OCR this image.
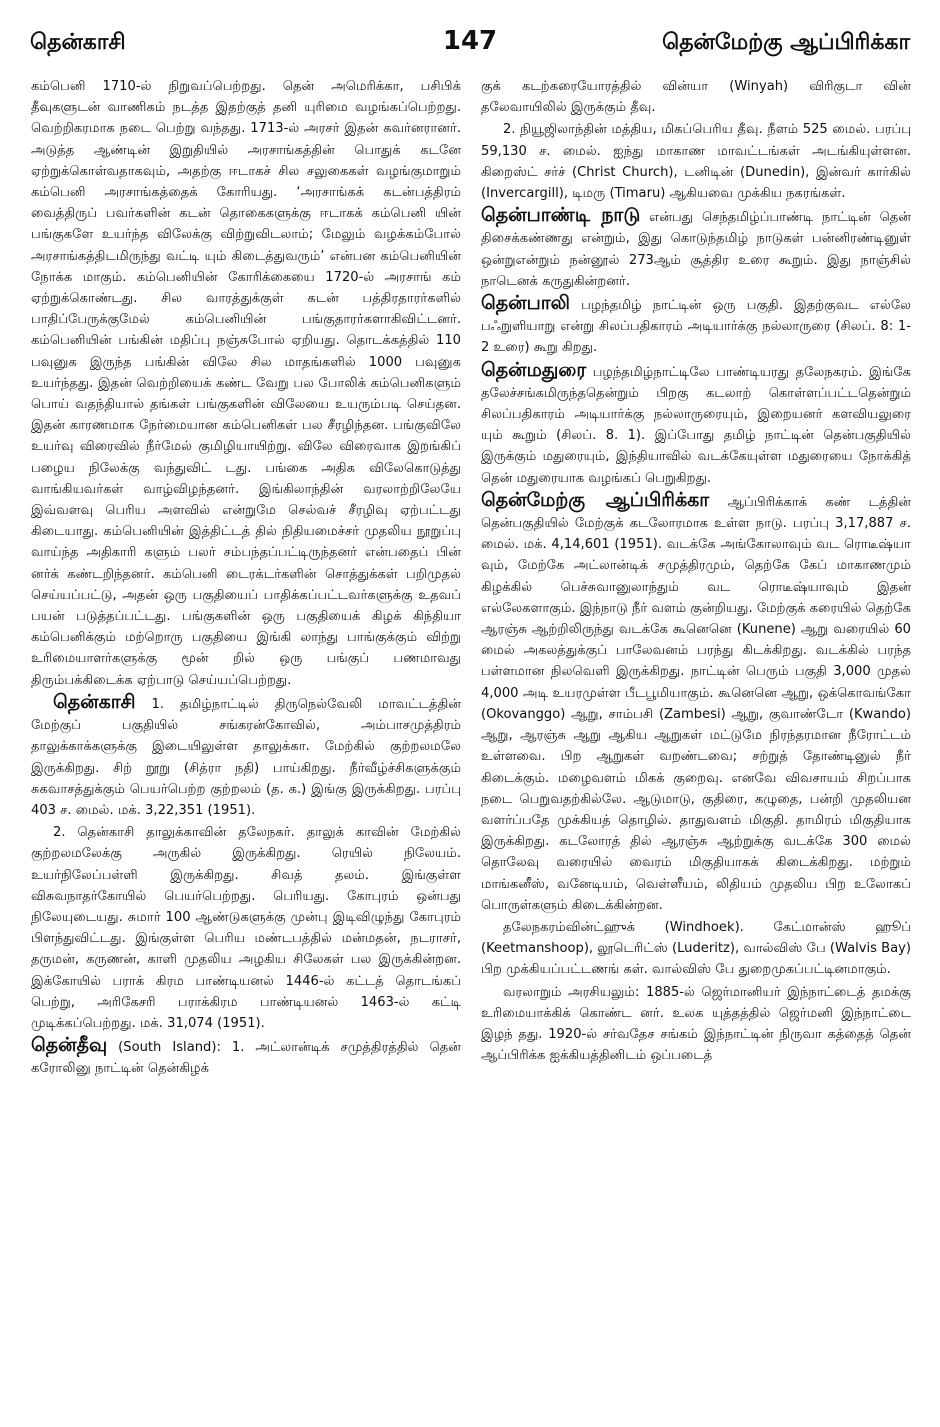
தென்காசி	147	தென்மேற்கு ஆப்பிரிக்கா

கம்பெனி 1710-ல் நிறுவப்பெற்றது. தென் அமெரிக்கா, பசிபிக் தீவுகளுடன் வாணிகம் நடத்த இதற்குத் தனி யுரிமை வழங்கப்பெற்றது. வெற்றிகரமாக நடை பெற்று வந்தது. 1713-ல் அரசர் இதன் கவர்னரானர். அடுத்த ஆண்டின் இறுதியில் அரசாங்கத்தின் பொதுக் கடனே ஏற்றுக்கொள்வதாகவும், அதற்கு ஈடாகச் சில சலுகைகள் வழங்குமாறும் கம்பெனி அரசாங்கத்தைக் கோரியது. ‘அரசாங்கக் கடன்பத்திரம் வைத்திருப் பவர்களின் கடன் தொகைகளுக்கு ஈடாகக் கம்பெனி யின் பங்குகளே உயர்ந்த விலேக்கு விற்றுவிடலாம்; மேலும் வழக்கம்போல் அரசாங்கத்திடமிருந்து வட்டி யும் கிடைத்துவரும்’ என்பன கம்பெனியின் நோக்க மாகும். கம்பெனியின் கோரிக்கையை 1720-ல் அரசாங் கம் ஏற்றுக்கொண்டது. சில வாரத்துக்குள் கடன் பத்திரதாரர்களில் பாதிப்பேருக்குமேல் கம்பெனியின் பங்குதாரர்களாகிவிட்டனர். கம்பெனியின் பங்கின் மதிப்பு நஞ்சுபோல் ஏறியது. தொடக்கத்தில் 110 பவுனுக இருந்த பங்கின் விலே சில மாதங்களில் 1000 பவுனுக உயர்ந்தது. இதன் வெற்றியைக் கண்ட வேறு பல போலிக் கம்பெனிகளும் பொய் வதந்தியால் தங்கள் பங்குகளின் விலேயை உயரும்படி செய்தன. இதன் காரணமாக நேர்மையான கம்பெனிகள் பல சீரழிந்தன. பங்குவிலே உயர்வு விரைவில் நீர்மேல் குமிழியாயிற்று. விலே விரைவாக இறங்கிப் பழைய நிலேக்கு வந்துவிட் டது. பங்கை அதிக விலேகொடுத்து வாங்கியவர்கள் வாழ்விழந்தனர். இங்கிலாந்தின் வரலாற்றிலேயே இவ்வளவு பெரிய அளவில் என்றுமே செல்வச் சீரழிவு ஏற்பட்டது கிடையாது. கம்பெனியின் இத்திட்டத் தில் நிதியமைச்சர் முதலிய நூறுப்பு வாய்ந்த அதிகாரி களும் பலர் சம்பந்தப்பட்டிருந்தனர் என்பதைப் பின் னர்க் கண்டறிந்தனர். கம்பெனி டைரக்டர்களின் சொத்துக்கள் பறிமுதல் செய்யப்பட்டு, அதன் ஒரு பகுதியைப் பாதிக்கப்பட்டவர்களுக்கு உதவப் பயன் படுத்தப்பட்டது. பங்குகளின் ஒரு பகுதியைக் கிழக் கிந்தியா கம்பெனிக்கும் மற்றொரு பகுதியை இங்கி லாந்து பாங்குக்கும் விற்று உரிமையாளர்களுக்கு மூன் றில் ஒரு பங்குப் பணமாவது திரும்பக்கிடைக்க ஏற்பாடு செய்யப்பெற்றது.

தென்காசி 1. தமிழ்நாட்டில் திருநெல்வேலி மாவட்டத்தின் மேற்குப் பகுதியில் சங்கரன்கோவில், அம்பாசமுத்திரம் தாலுக்காக்களுக்கு இடையிலுள்ள தாலுக்கா. மேற்கில் குற்றலமலே இருக்கிறது. சிற் றூறு (சித்ரா நதி) பாய்கிறது. நீர்வீழ்ச்சிகளுக்கும் சுகவாசத்துக்கும் பெயர்பெற்ற குற்றலம் (த. க.) இங்கு இருக்கிறது. பரப்பு 403 ச. மைல். மக். 3,22,351 (1951).

2. தென்காசி தாலுக்காவின் தலேநகர். தாலுக் காவின் மேற்கில் குற்றலமலேக்கு அருகில் இருக்கிறது. ரெயில் நிலேயம். உயர்நிலேப்பள்ளி இருக்கிறது. சிவத் தலம். இங்குள்ள விசுவநாதர்கோயில் பெயர்பெற்றது. பெரியது. கோபுரம் ஒன்பது நிலேயுடையது. சுமார் 100 ஆண்டுகளுக்கு முன்பு இடிவிழுந்து கோபுரம் பிளந்துவிட்டது. இங்குள்ள பெரிய மண்டபத்தில் மன்மதன், நடராசர், தருமன், கருணன், காளி முதலிய அழகிய சிலேகள் பல இருக்கின்றன. இக்கோயில் பராக் கிரம பாண்டியனல் 1446-ல் கட்டத் தொடங்கப் பெற்று, அரிகேசரி பராக்கிரம பாண்டியனல் 1463-ல் கட்டி முடிக்கப்பெற்றது. மக். 31,074 (1951).

தென்தீவு (South Island): 1. அட்லான்டிக் சமுத்திரத்தில் தென் கரோலினு நாட்டின் தென்கிழக்

குக் கடற்கரையோரத்தில் வின்யா (Winyah) விரிகுடா வின் தலேவாயிலில் இருக்கும் தீவு.

2. நியூஜிலாந்தின் மத்திய, மிகப்பெரிய தீவு. நீளம் 525 மைல். பரப்பு 59,130 ச. மைல். ஐந்து மாகாண மாவட்டங்கள் அடங்கியுள்ளன. கிறைஸ்ட் சர்ச் (Christ Church), டனிடின் (Dunedin), இன்வர் கார்கில் (Invercargill), டிமரு (Timaru) ஆகியவை முக்கிய நகரங்கள்.

தென்பாண்டி நாடு என்பது செந்தமிழ்ப்பாண்டி நாட்டின் தென் திசைக்கண்ணது என்றும், இது கொடுந்தமிழ் நாடுகள் பன்னிரண்டினுள் ஒன்றுஎன்றும் நன்னூல் 273ஆம் சூத்திர உரை கூறும். இது நாஞ்சில் நாடெனக் கருதுகின்றனர்.

தென்பாலி பழந்தமிழ் நாட்டின் ஒரு பகுதி. இதற்குவட எல்லே பஃறுளியாறு என்று சிலப்பதிகாரம் அடியார்க்கு நல்லாருரை (சிலப். 8: 1-2 உரை) கூறு கிறது.

தென்மதுரை பழந்தமிழ்நாட்டிலே பாண்டியரது தலேநகரம். இங்கே தலேச்சங்கமிருந்ததென்றும் பிறகு கடலாற் கொள்ளப்பட்டதென்றும் சிலப்பதிகாரம் அடியார்க்கு நல்லாருரையும், இறையனர் களவியலுரை யும் கூறும் (சிலப். 8. 1). இப்போது தமிழ் நாட்டின் தென்பகுதியில் இருக்கும் மதுரையும், இந்தியாவில் வடக்கேயுள்ள மதுரையை நோக்கித் தென் மதுரையாக வழங்கப் பெறுகிறது.

தென்மேற்கு ஆப்பிரிக்கா ஆப்பிரிக்காக் கண் டத்தின் தென்பகுதியில் மேற்குக் கடலோரமாக உள்ள நாடு. பரப்பு 3,17,887 ச. மைல். மக். 4,14,601 (1951). வடக்கே அங்கோலாவும் வட ரொடீஷ்யா வும், மேற்கே அட்லான்டிக் சமுத்திரமும், தெற்கே கேப் மாகாணமும் கிழக்கில் பெச்சுவானுலாந்தும் வட ரொடீஷ்யாவும் இதன் எல்லேகளாகும். இந்நாடு நீர் வளம் குன்றியது. மேற்குக் கரையில் தெற்கே ஆரஞ்சு ஆற்றிலிருந்து வடக்கே கூனெனெ (Kunene) ஆறு வரையில் 60 மைல் அகலத்துக்குப் பாலேவனம் பரந்து கிடக்கிறது. வடக்கில் பரந்த பள்ளமான நிலவெளி இருக்கிறது. நாட்டின் பெரும் பகுதி 3,000 முதல் 4,000 அடி உயரமுள்ள பீடபூமியாகும். கூனெனெ ஆறு, ஒக்கொவங்கோ (Okovanggo) ஆறு, சாம்பசி (Zambesi) ஆறு, குவாண்டோ (Kwando) ஆறு, ஆரஞ்சு ஆறு ஆகிய ஆறுகள் மட்டுமே நிரந்தரமான நீரோட்டம் உள்ளவை. பிற ஆறுகள் வறண்டவை; சற்றுத் தோண்டினுல் நீர் கிடைக்கும். மழைவளம் மிகக் குறைவு. எனவே விவசாயம் சிறப்பாக நடை பெறுவதற்கில்லே. ஆடுமாடு, குதிரை, கழுதை, பன்றி முதலியன வளர்ப்பதே முக்கியத் தொழில். தாதுவளம் மிகுதி. தாமிரம் மிகுதியாக இருக்கிறது. கடலோரத் தில் ஆரஞ்சு ஆற்றுக்கு வடக்கே 300 மைல் தொலேவு வரையில் வைரம் மிகுதியாகக் கிடைக்கிறது. மற்றும் மாங்கனீஸ், வனேடியம், வெள்ளீயம், லிதியம் முதலிய பிற உலோகப் பொருள்களும் கிடைக்கின்றன.

தலேநகரம்வின்ட்ஹுக் (Windhoek). கேட்மான்ஸ் ஹூப் (Keetmanshoop), லூடெரிட்ஸ் (Luderitz), வால்விஸ் பே (Walvis Bay) பிற முக்கியப்பட்டணங் கள். வால்விஸ் பே துறைமுகப்பட்டினமாகும்.

வரலாறும் அரசியலும்: 1885-ல் ஜெர்மானியர் இந்நாட்டைத் தமக்கு உரிமையாக்கிக் கொண்ட னர். உலக யுத்தத்தில் ஜெர்மனி இந்நாட்டை இழந் தது. 1920-ல் சர்வதேச சங்கம் இந்நாட்டின் நிருவா கத்தைத் தென் ஆப்பிரிக்க ஐக்கியத்தினிடம் ஒப்படைத்
